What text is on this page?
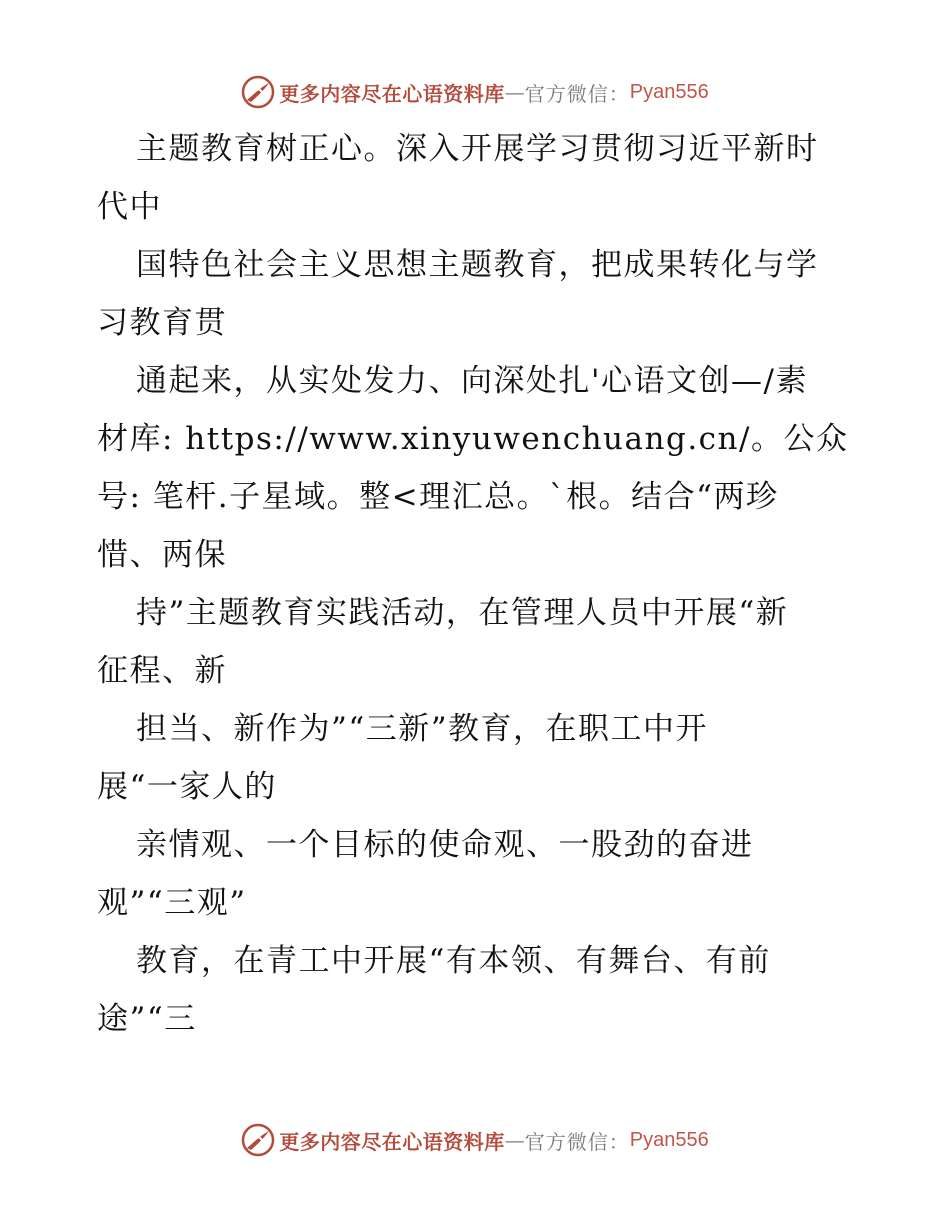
更多内容尽在心语资料库 — 官方微信： Pyan556
主题教育树正心。深入开展学习贯彻习近平新时
代中
国特色社会主义思想主题教育，把成果转化与学
习教育贯
通起来，从实处发力、向深处扎'心语文创—/素
材库: https://www.xinyuwenchuang.cn/。公众
号: 笔杆.子星域。整<理汇总。`根。结合“两珍
惜、两保
持”主题教育实践活动，在管理人员中开展“新
征程、新
担当、新作为”“三新”教育，在职工中开
展“一家人的
亲情观、一个目标的使命观、一股劲的奋进
观”“三观”
教育，在青工中开展“有本领、有舞台、有前
途”“三
更多内容尽在心语资料库 — 官方微信： Pyan556
